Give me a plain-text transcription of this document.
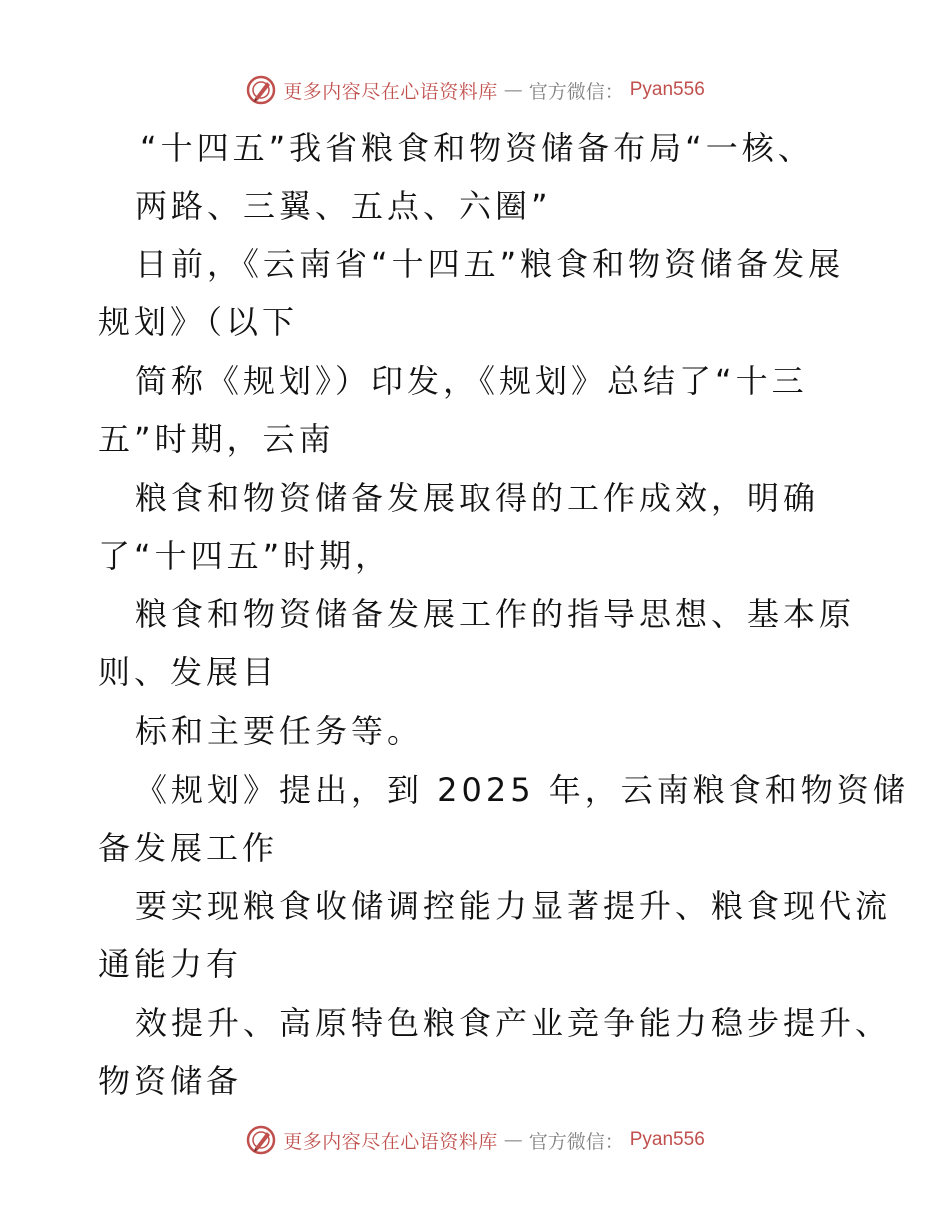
更多内容尽在心语资料库 — 官方微信： Pyan556
“十四五”我省粮食和物资储备布局“一核、
两路、三翼、五点、六圈”
日前，《云南省“十四五”粮食和物资储备发展
规划》（以下
简称《规划》）印发，《规划》总结了“十三
五”时期，云南
粮食和物资储备发展取得的工作成效，明确
了“十四五”时期，
粮食和物资储备发展工作的指导思想、基本原
则、发展目
标和主要任务等。
《规划》提出，到 2025 年，云南粮食和物资储
备发展工作
要实现粮食收储调控能力显著提升、粮食现代流
通能力有
效提升、高原特色粮食产业竞争能力稳步提升、
物资储备
更多内容尽在心语资料库 — 官方微信： Pyan556
